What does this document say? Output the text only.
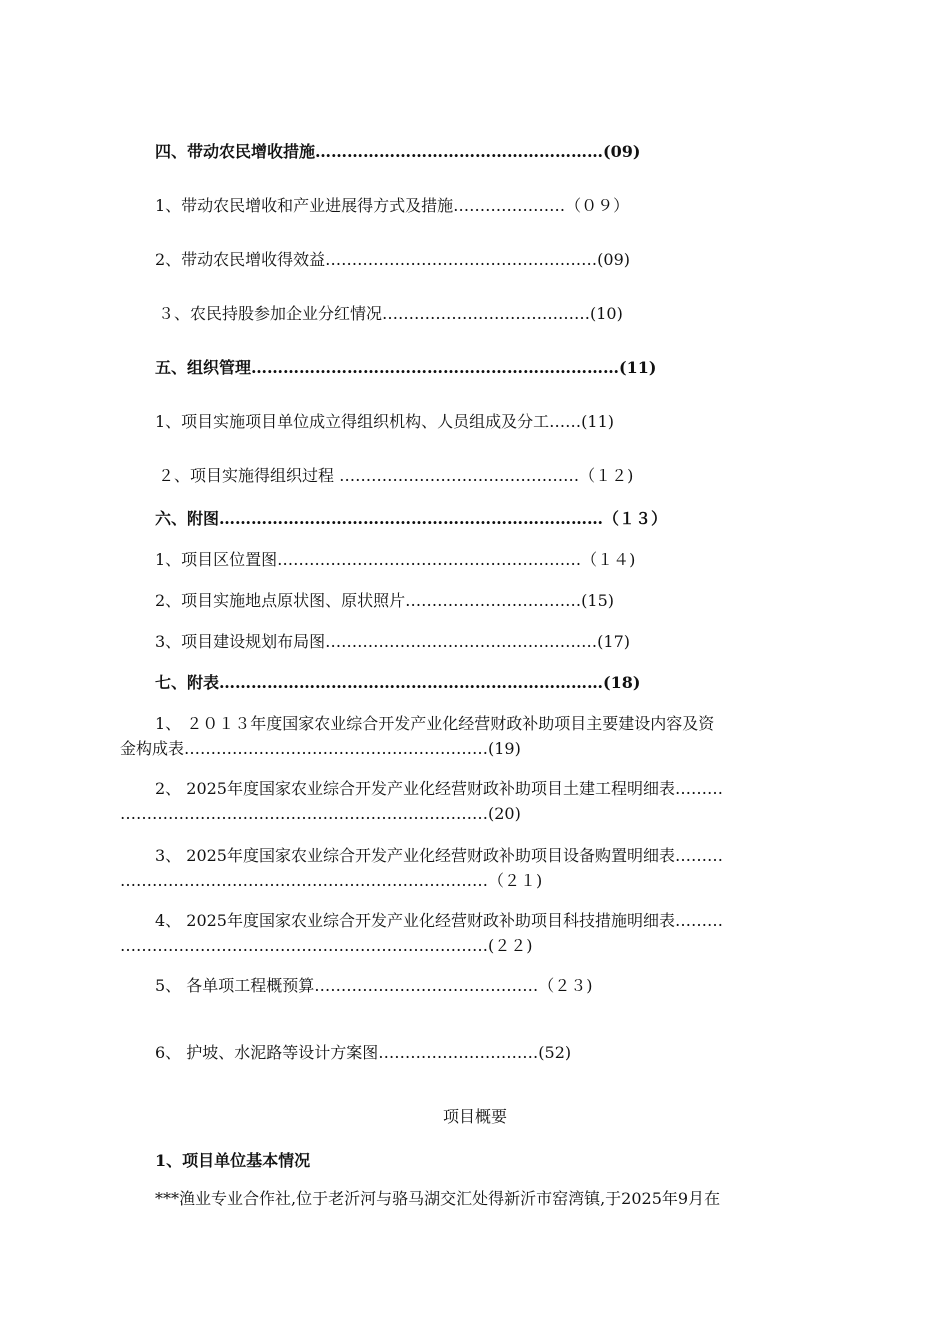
四、带动农民增收措施………………………………………………(09)
1、带动农民增收和产业进展得方式及措施…………………（０９）
2、带动农民增收得效益……………………………………………(09)
３、农民持股参加企业分红情况…………………………………(10)
五、组织管理……………………………………………………………(11)
1、项目实施项目单位成立得组织机构、人员组成及分工……(11)
２、项目实施得组织过程 ………………………………………（１２)
六、附图………………………………………………………………（１３）
1、项目区位置图…………………………………………………（１４)
2、项目实施地点原状图、原状照片……………………………(15)
3、项目建设规划布局图……………………………………………(17)
七、附表………………………………………………………………(18)
1、 ２０１３年度国家农业综合开发产业化经营财政补助项目主要建设内容及资
金构成表…………………………………………………(19)
2、 2025年度国家农业综合开发产业化经营财政补助项目土建工程明细表………
……………………………………………………………(20)
3、 2025年度国家农业综合开发产业化经营财政补助项目设备购置明细表………
……………………………………………………………（２１)
4、 2025年度国家农业综合开发产业化经营财政补助项目科技措施明细表………
……………………………………………………………(２２)
5、 各单项工程概预算……………………………………（２３)
6、 护坡、水泥路等设计方案图…………………………(52)
项目概要
1、项目单位基本情况
***渔业专业合作社,位于老沂河与骆马湖交汇处得新沂市窑湾镇,于2025年9月在
